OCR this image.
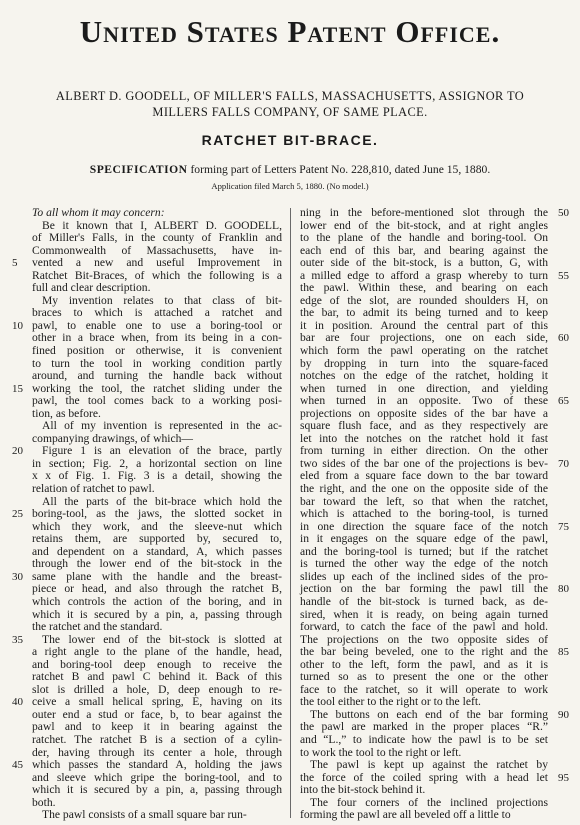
United States Patent Office.
ALBERT D. GOODELL, OF MILLER'S FALLS, MASSACHUSETTS, ASSIGNOR TO
MILLERS FALLS COMPANY, OF SAME PLACE.
RATCHET BIT-BRACE.
SPECIFICATION forming part of Letters Patent No. 228,810, dated June 15, 1880.
Application filed March 5, 1880. (No model.)
To all whom it may concern:
Be it known that I, ALBERT D. GOODELL,
of Miller's Falls, in the county of Franklin and
Commonwealth of Massachusetts, have in-
vented a new and useful Improvement in
5
Ratchet Bit-Braces, of which the following is a
full and clear description.
My invention relates to that class of bit-
braces to which is attached a ratchet and
pawl, to enable one to use a boring-tool or
10
other in a brace when, from its being in a con-
fined position or otherwise, it is convenient
to turn the tool in working condition partly
around, and turning the handle back without
working the tool, the ratchet sliding under the
15
pawl, the tool comes back to a working posi-
tion, as before.
All of my invention is represented in the ac-
companying drawings, of which—
Figure 1 is an elevation of the brace, partly
20
in section; Fig. 2, a horizontal section on line
x x of Fig. 1. Fig. 3 is a detail, showing the
relation of ratchet to pawl.
All the parts of the bit-brace which hold the
boring-tool, as the jaws, the slotted socket in
25
which they work, and the sleeve-nut which
retains them, are supported by, secured to,
and dependent on a standard, A, which passes
through the lower end of the bit-stock in the
same plane with the handle and the breast-
30
piece or head, and also through the ratchet B,
which controls the action of the boring, and in
which it is secured by a pin, a, passing through
the ratchet and the standard.
The lower end of the bit-stock is slotted at
35
a right angle to the plane of the handle, head,
and boring-tool deep enough to receive the
ratchet B and pawl C behind it. Back of this
slot is drilled a hole, D, deep enough to re-
ceive a small helical spring, E, having on its
40
outer end a stud or face, b, to bear against the
pawl and to keep it in bearing against the
ratchet. The ratchet B is a section of a cylin-
der, having through its center a hole, through
which passes the standard A, holding the jaws
45
and sleeve which gripe the boring-tool, and to
which it is secured by a pin, a, passing through
both.
The pawl consists of a small square bar run-
ning in the before-mentioned slot through the 50
lower end of the bit-stock, and at right angles
to the plane of the handle and boring-tool. On
each end of this bar, and bearing against the
outer side of the bit-stock, is a button, G, with
a milled edge to afford a grasp whereby to turn 55
the pawl. Within these, and bearing on each
edge of the slot, are rounded shoulders H, on
the bar, to admit its being turned and to keep
it in position. Around the central part of this
bar are four projections, one on each side, 60
which form the pawl operating on the ratchet
by dropping in turn into the square-faced
notches on the edge of the ratchet, holding it
when turned in one direction, and yielding
when turned in an opposite. Two of these 65
projections on opposite sides of the bar have a
square flush face, and as they respectively are
let into the notches on the ratchet hold it fast
from turning in either direction. On the other
two sides of the bar one of the projections is bev- 70
eled from a square face down to the bar toward
the right, and the one on the opposite side of the
bar toward the left, so that when the ratchet,
which is attached to the boring-tool, is turned
in one direction the square face of the notch 75
in it engages on the square edge of the pawl,
and the boring-tool is turned; but if the ratchet
is turned the other way the edge of the notch
slides up each of the inclined sides of the pro-
jection on the bar forming the pawl till the 80
handle of the bit-stock is turned back, as de-
sired, when it is ready, on being again turned
forward, to catch the face of the pawl and hold.
The projections on the two opposite sides of
the bar being beveled, one to the right and the 85
other to the left, form the pawl, and as it is
turned so as to present the one or the other
face to the ratchet, so it will operate to work
the tool either to the right or to the left.
The buttons on each end of the bar forming 90
the pawl are marked in the proper places “R.”
and “L.,” to indicate how the pawl is to be set
to work the tool to the right or left.
The pawl is kept up against the ratchet by
the force of the coiled spring with a head let 95
into the bit-stock behind it.
The four corners of the inclined projections
forming the pawl are all beveled off a little to
